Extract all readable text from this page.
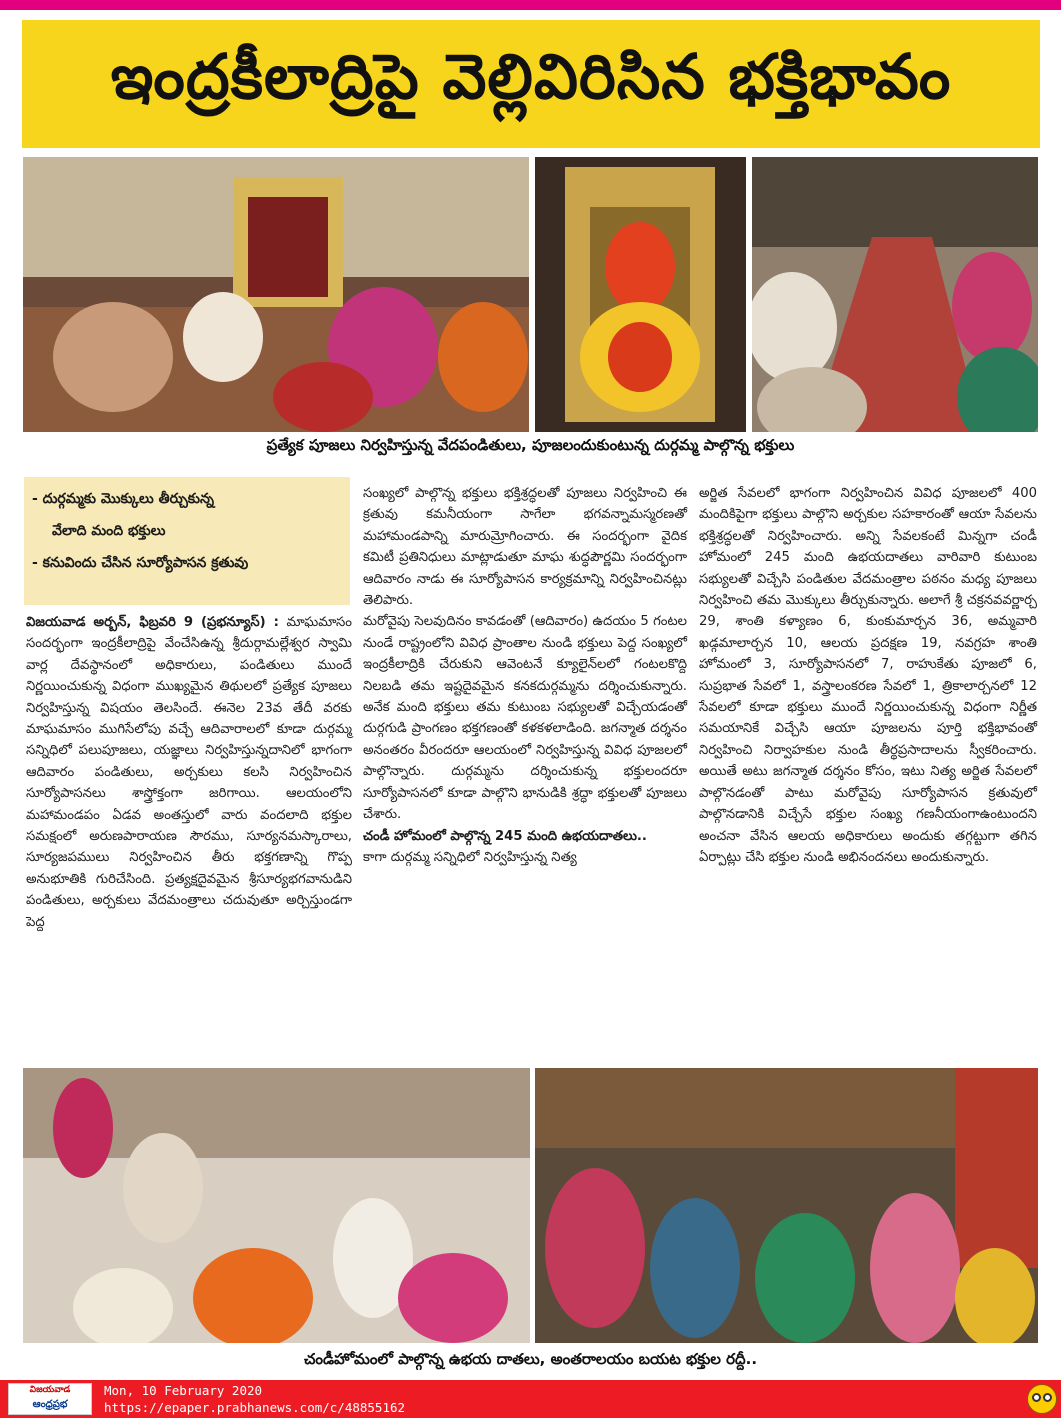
ఇంద్రకీలాద్రిపై వెల్లివిరిసిన భక్తిభావం
ప్రత్యేక పూజలు నిర్వహిస్తున్న వేదపండితులు, పూజలందుకుంటున్న దుర్గమ్మ పాల్గొన్న భక్తులు
- దుర్గమ్మకు మొక్కులు తీర్చుకున్న
వేలాది మంది భక్తులు
- కనువిందు చేసిన సూర్యోపాసన క్రతువు

విజయవాడ అర్బన్, ఫిబ్రవరి 9 (ప్రభన్యూస్) : మాఘమాసం సందర్భంగా ఇంద్రకీలాద్రిపై వేంచేసిఉన్న శ్రీదుర్గామల్లేశ్వర స్వామి వార్ల దేవస్థానంలో అధికారులు, పండితులు ముందే నిర్ణయించుకున్న విధంగా ముఖ్యమైన తిథులలో ప్రత్యేక పూజలు నిర్వహిస్తున్న విషయం తెలసిందే. ఈనెల 23వ తేదీ వరకు మాఘమాసం ముగిసేలోపు వచ్చే ఆదివారాలలో కూడా దుర్గమ్మ సన్నిధిలో పలుపూజలు, యజ్ఞాలు నిర్వహిస్తున్నదానిలో భాగంగా ఆదివారం పండితులు, అర్చకులు కలసి నిర్వహించిన సూర్యోపాసనలు శాస్త్రోక్తంగా జరిగాయి. ఆలయంలోని మహామండపం ఏడవ అంతస్తులో వారు వందలాది భక్తుల సమక్షంలో అరుణపారాయణ సౌరము, సూర్యనమస్కారాలు, సూర్యజపములు నిర్వహించిన తీరు భక్తగణాన్ని గొప్ప అనుభూతికి గురిచేసింది. ప్రత్యక్షదైవమైన శ్రీసూర్యభగవానుడిని పండితులు, అర్చకులు వేదమంత్రాలు చదువుతూ అర్చిస్తుండగా పెద్ద

సంఖ్యలో పాల్గొన్న భక్తులు భక్తిశ్రద్ధలతో పూజలు నిర్వహించి ఈ క్రతువు కమనీయంగా సాగేలా భగవన్నామస్మరణతో మహామండపాన్ని మారుమ్రోగించారు. ఈ సందర్భంగా వైదిక కమిటీ ప్రతినిధులు మాట్లాడుతూ మాఘ శుద్ధపౌర్ణమి సందర్భంగా ఆదివారం నాడు ఈ సూర్యోపాసన కార్యక్రమాన్ని నిర్వహించినట్లు తెలిపారు.

మరోవైపు సెలవుదినం కావడంతో (ఆదివారం) ఉదయం 5 గంటల నుండే రాష్ట్రంలోని వివిధ ప్రాంతాల నుండి భక్తులు పెద్ద సంఖ్యలో ఇంద్రకీలాద్రికి చేరుకుని ఆవెంటనే క్యూలైన్‌లలో గంటలకొద్ది నిలబడి తమ ఇష్టదైవమైన కనకదుర్గమ్మను దర్శించుకున్నారు. అనేక మంది భక్తులు తమ కుటుంబ సభ్యులతో విచ్చేయడంతో దుర్గగుడి ప్రాంగణం భక్తగణంతో కళకళలాడింది. జగన్మాత దర్శనం అనంతరం వీరందరూ ఆలయంలో నిర్వహిస్తున్న వివిధ పూజలలో పాల్గొన్నారు. దుర్గమ్మను దర్శించుకున్న భక్తులందరూ సూర్యోపాసనలో కూడా పాల్గొని భానుడికి శ్రద్ధా భక్తులతో పూజలు చేశారు.

చండీ హోమంలో పాల్గొన్న 245 మంది ఉభయదాతలు..

కాగా దుర్గమ్మ సన్నిధిలో నిర్వహిస్తున్న నిత్య

అర్జిత సేవలలో భాగంగా నిర్వహించిన వివిధ పూజలలో 400 మందికిపైగా భక్తులు పాల్గొని అర్చకుల సహకారంతో ఆయా సేవలను భక్తిశ్రద్ధలతో నిర్వహించారు. అన్ని సేవలకంటే మిన్నగా చండీ హోమంలో 245 మంది ఉభయదాతలు వారివారి కుటుంబ సభ్యులతో విచ్చేసి పండితుల వేదమంత్రాల పఠనం మధ్య పూజలు నిర్వహించి తమ మొక్కులు తీర్చుకున్నారు. అలాగే శ్రీ చక్రనవవర్ణార్చ 29, శాంతి కళ్యాణం 6, కుంకుమార్చన 36, అమ్మవారి ఖడ్గమాలార్చన 10, ఆలయ ప్రదక్షణ 19, నవగ్రహ శాంతి హోమంలో 3, సూర్యోపాసనలో 7, రాహుకేతు పూజలో 6, సుప్రభాత సేవలో 1, వస్త్రాలంకరణ సేవలో 1, త్రికాలార్చనలో 12 సేవలలో కూడా భక్తులు ముందే నిర్ణయించుకున్న విధంగా నిర్ణీత సమయానికే విచ్చేసి ఆయా పూజలను పూర్తి భక్తిభావంతో నిర్వహించి నిర్వాహకుల నుండి తీర్థప్రసాదాలను స్వీకరించారు. అయితే అటు జగన్మాత దర్శనం కోసం, ఇటు నిత్య అర్జిత సేవలలో పాల్గొనడంతో పాటు మరోవైపు సూర్యోపాసన క్రతువులో పాల్గొనడానికి విచ్చేసే భక్తుల సంఖ్య గణనీయంగాఉంటుందని అంచనా వేసిన ఆలయ అధికారులు అందుకు తగ్గట్టుగా తగిన ఏర్పాట్లు చేసి భక్తుల నుండి అభినందనలు అందుకున్నారు.

చండీహోమంలో పాల్గొన్న ఉభయ దాతలు, అంతరాలయం బయట భక్తుల రద్దీ..
విజయవాడ
ఆంధ్రప్రభ
Mon, 10 February 2020
https://epaper.prabhanews.com/c/48855162
